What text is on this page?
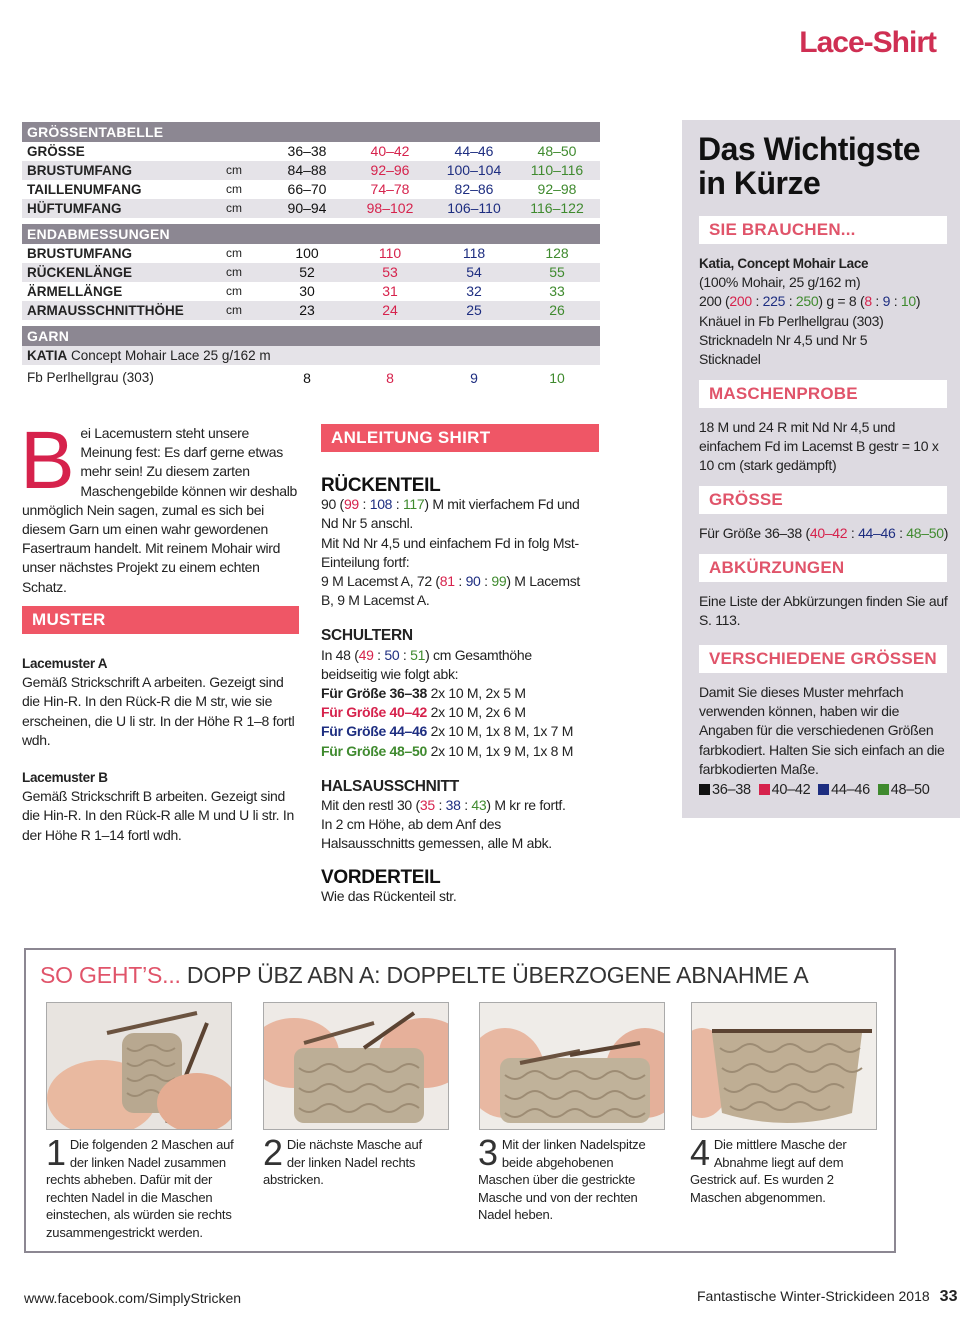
Lace-Shirt
GRÖSSENTABELLE
GRÖSSE	36–38	40–42	44–46	48–50
BRUSTUMFANG	cm	84–88	92–96	100–104	110–116
TAILLENUMFANG	cm	66–70	74–78	82–86	92–98
HÜFTUMFANG	cm	90–94	98–102	106–110	116–122
ENDABMESSUNGEN
BRUSTUMFANG	cm	100	110	118	128
RÜCKENLÄNGE	cm	52	53	54	55
ÄRMELLÄNGE	cm	30	31	32	33
ARMAUSSCHNITTHÖHE	cm	23	24	25	26
GARN
KATIA Concept Mohair Lace 25 g/162 m
Fb Perlhellgrau (303)	8	8	9	10
Bei Lacemustern steht unsere Meinung fest: Es darf gerne etwas mehr sein! Zu diesem zarten Maschengebilde können wir deshalb unmöglich Nein sagen, zumal es sich bei diesem Garn um einen wahr gewordenen Fasertraum handelt. Mit reinem Mohair wird unser nächstes Projekt zu einem echten Schatz.
MUSTER
Lacemuster A
Gemäß Strickschrift A arbeiten. Gezeigt sind die Hin-R. In den Rück-R die M str, wie sie erscheinen, die U li str. In der Höhe R 1–8 fortl wdh.
Lacemuster B
Gemäß Strickschrift B arbeiten. Gezeigt sind die Hin-R. In den Rück-R alle M und U li str. In der Höhe R 1–14 fortl wdh.
ANLEITUNG SHIRT
RÜCKENTEIL
90 (99 : 108 : 117) M mit vierfachem Fd und Nd Nr 5 anschl.
Mit Nd Nr 4,5 und einfachem Fd in folg Mst-Einteilung fortf:
9 M Lacemst A, 72 (81 : 90 : 99) M Lacemst B, 9 M Lacemst A.
SCHULTERN
In 48 (49 : 50 : 51) cm Gesamthöhe beidseitig wie folgt abk:
Für Größe 36–38 2x 10 M, 2x 5 M
Für Größe 40–42 2x 10 M, 2x 6 M
Für Größe 44–46 2x 10 M, 1x 8 M, 1x 7 M
Für Größe 48–50 2x 10 M, 1x 9 M, 1x 8 M
HALSAUSSCHNITT
Mit den restl 30 (35 : 38 : 43) M kr re fortf.
In 2 cm Höhe, ab dem Anf des Halsausschnitts gemessen, alle M abk.
VORDERTEIL
Wie das Rückenteil str.
Das Wichtigste
in Kürze
SIE BRAUCHEN...
Katia, Concept Mohair Lace
(100% Mohair, 25 g/162 m)
200 (200 : 225 : 250) g = 8 (8 : 9 : 10) Knäuel in Fb Perlhellgrau (303)
Stricknadeln Nr 4,5 und Nr 5
Sticknadel
MASCHENPROBE
18 M und 24 R mit Nd Nr 4,5 und einfachem Fd im Lacemst B gestr = 10 x 10 cm (stark gedämpft)
GRÖSSE
Für Größe 36–38 (40–42 : 44–46 : 48–50)
ABKÜRZUNGEN
Eine Liste der Abkürzungen finden Sie auf S. 113.
VERSCHIEDENE GRÖSSEN
Damit Sie dieses Muster mehrfach verwenden können, haben wir die Angaben für die verschiedenen Größen farbkodiert. Halten Sie sich einfach an die farbkodierten Maße.
36–38 40–42 44–46 48–50
SO GEHT’S... DOPP ÜBZ ABN A: DOPPELTE ÜBERZOGENE ABNAHME A
1 Die folgenden 2 Maschen auf der linken Nadel zusammen rechts abheben. Dafür mit der rechten Nadel in die Maschen einstechen, als würden sie rechts zusammengestrickt werden.
2 Die nächste Masche auf der linken Nadel rechts abstricken.
3 Mit der linken Nadelspitze beide abgehobenen Maschen über die gestrickte Masche und von der rechten Nadel heben.
4 Die mittlere Masche der Abnahme liegt auf dem Gestrick auf. Es wurden 2 Maschen abgenommen.
www.facebook.com/SimplyStricken	Fantastische Winter-Strickideen 2018 33
